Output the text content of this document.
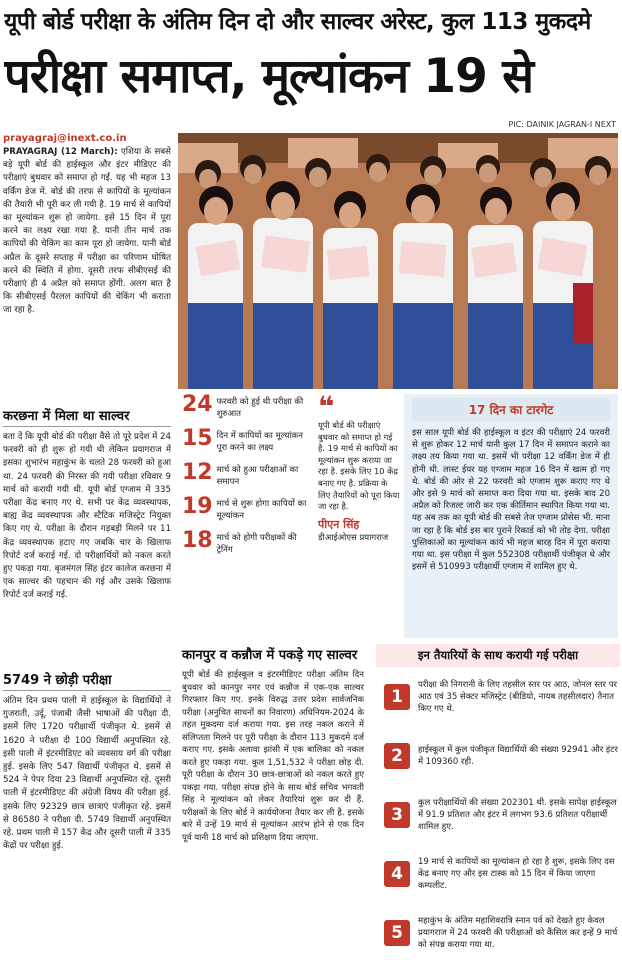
यूपी बोर्ड परीक्षा के अंतिम दिन दो और साल्वर अरेस्ट, कुल 113 मुकदमे
परीक्षा समाप्त, मूल्यांकन 19 से
PIC: DAINIK JAGRAN-I NEXT
prayagraj@inext.co.in

PRAYAGRAJ (12 March): एशिया के सबसे बड़े यूपी बोर्ड की हाईस्कूल और इंटर मीडिएट की परीक्षाएं बुधवार को समाप्त हो गईं. यह भी महज 13 वर्किंग डेज में. बोर्ड की तरफ से कापियों के मूल्यांकन की तैयारी भी पूरी कर ली गयी है. 19 मार्च से कापियों का मूल्यांकन शुरू हो जायेगा. इसे 15 दिन में पूरा करने का लक्ष्य रखा गया है. यानी तीन मार्च तक कापियों की चेकिंग का काम पूरा हो जायेगा. यानी बोर्ड अप्रैल के दूसरे सप्ताह में परीक्षा का परिणाम घोषित करने की स्थिति में होगा. दूसरी तरफ सीबीएसई की परीक्षाएं ही 4 अप्रैल को समाप्त होंगी. अलग बात है कि सीबीएसई पैरलल कापियों की चेकिंग भी कराता जा रहा है.

करछना में मिला था साल्वर

बता दें कि यूपी बोर्ड की परीक्षा वैसे तो पूरे प्रदेश में 24 फरवरी को ही शुरू हो गयी थी लेकिन प्रयागराज में इसका शुभारंभ महाकुंभ के चलते 28 फरवरी को हुआ था. 24 फरवरी की निरस्त की गयी परीक्षा रविवार 9 मार्च को करायी गयी थी. यूपी बोर्ड एग्जाम में 335 परीक्षा केंद्र बनाए गए थे. सभी पर केंद्र व्यवस्थापक, बाह्य केंद्र व्यवस्थापक और स्टैटिक मजिस्ट्रेट नियुक्त किए गए थे. परीक्षा के दौरान गड़बड़ी मिलने पर 11 केंद्र व्यवस्थापक हटाए गए जबकि चार के खिलाफ रिपोर्ट दर्ज कराई गई. दो परीक्षार्थियों को नकल करते हुए पकड़ा गया. बृजमंगल सिंह इंटर कालेज करछना में एक साल्वर की पहचान की गई और उसके खिलाफ रिपोर्ट दर्ज कराई गई.

5749 ने छोड़ी परीक्षा

अंतिम दिन प्रथम पाली में हाईस्कूल के विद्यार्थियों ने गुजराती, उर्दू, पंजाबी जैसी भाषाओं की परीक्षा दी. इसमें लिए 1720 परीक्षार्थी पंजीकृत थे. इसमें से 1620 ने परीक्षा दी 100 विद्यार्थी अनुपस्थित रहे. इसी पाली में इंटरमीडिएट को व्यवसाय वर्ग की परीक्षा हुई. इसके लिए 547 विद्यार्थी पंजीकृत थे. इसमें से 524 ने पेपर दिया 23 विद्यार्थी अनुपस्थित रहे. दूसरी पाली में इंटरमीडिएट की अंग्रेजी विषय की परीक्षा हुई. इसके लिए 92329 छात्र छात्राएं पंजीकृत रहे. इसमें से 86580 ने परीक्षा दी. 5749 विद्यार्थी अनुपस्थित रहे. प्रथम पाली में 157 केंद्र और दूसरी पाली में 335 केंद्रों पर परीक्षा हुई.

24 फरवरी को हुई थी परीक्षा की शुरुआत
15 दिन में कापियों का मूल्यांकन पूरा करने का लक्ष्य
12 मार्च को हुआ परीक्षाओं का समापन
19 मार्च से शुरू होगा कापियों का मूल्यांकन
18 मार्च को होगी परीक्षकों की ट्रेनिंग
❝
यूपी बोर्ड की परीक्षाएं बुधवार को समाप्त हो गई है. 19 मार्च से कापियों का मूल्यांकन शुरू कराया जा रहा है. इसके लिए 10 केंद्र बनाए गए है. प्रक्रिया के लिए तैयारियों को पूरा किया जा रहा है.
पीएन सिंह
डीआईओएस प्रयागराज
17 दिन का टारगेट

इस साल यूपी बोर्ड की हाईस्कूल व इंटर की परीक्षाएं 24 फरवरी से शुरू होकर 12 मार्च यानी कुल 17 दिन में समापन कराने का लक्ष्य तय किया गया था. इसमें भी परीक्षा 12 वर्किंग डेज में ही होनी थी. लास्ट ईयर यह एग्जाम महज 16 दिन में खत्म हो गए थे. बोर्ड की ओर से 22 फरवरी को एग्जाम शुरू कराए गए थे और इसे 9 मार्च को समाप्त करा दिया गया था. इसके बाद 20 अप्रैल को रिजल्ट जारी कर एक कीर्तिमान स्थापित किया गया था. यह अब तक का यूपी बोर्ड की सबसे तेज एग्जाम प्रोसेस भी. माना जा रहा है कि बोर्ड इस बार पुराने रिकार्ड को भी तोड़ देगा. परीक्षा पुस्तिकाओं का मूल्यांकन कार्य भी महज बारह दिन में पूरा कराया गया था. इस परीक्षा में कुल 552308 परीक्षार्थी पंजीकृत थे और इसमें से 510993 परीक्षार्थी एग्जाम में शामिल हुए थे.

कानपुर व कन्नौज में पकड़े गए साल्वर

यूपी बोर्ड की हाईस्कूल व इंटरमीडिएट परीक्षा अंतिम दिन बुधवार को कानपुर नगर एवं कन्नौज में एक-एक साल्वर गिरफ्तार किए गए. इनके विरुद्ध उत्तर प्रदेश सार्वजनिक परीक्षा (अनुचित साधनों का निवारण) अधिनियम-2024 के तहत मुकदमा दर्ज कराया गया. इस तरह नकल कराने में संलिप्तता मिलने पर पूरी परीक्षा के दौरान 113 मुकदमे दर्ज कराए गए. इसके अलावा झांसी में एक बालिका को नकल करते हुए पकड़ा गया. कुल 1,51,532 ने परीक्षा छोड़ दी. पूरी परीक्षा के दौरान 30 छात्र-छात्राओं को नकल करते हुए पकड़ा गया. परीक्षा संपन्न होने के साथ बोर्ड सचिव भगवती सिंह ने मूल्यांकन को लेकर तैयारियां शुरू कर दी हैं. परीक्षकों के लिए बोर्ड ने कार्ययोजना तैयार कर ली है. इसके बारे में उन्हें 19 मार्च से मूल्यांकन आरंभ होने से एक दिन पूर्व यानी 18 मार्च को प्रशिक्षण दिया जाएगा.

इन तैयारियों के साथ करायी गई परीक्षा
1
परीक्षा की निगरानी के लिए तहसील स्तर पर आठ, जोनल स्तर पर आठ एवं 35 सेक्टर मजिस्ट्रेट (बीडियो, नायब तहसीलदार) तैनात किए गए थे.
2	हाईस्कूल में कुल पंजीकृत विद्यार्थियों की संख्या 92941 और इंटर में 109360 रही.
3
कुल परीक्षार्थियों की संख्या 202301 थी. इसके सापेक्ष हाईस्कूल में 91.9 प्रतिशत और इंटर में लगभग 93.6 प्रतिशत परीक्षार्थी शामिल हुए.
4
19 मार्च से कापियों का मूल्यांकन हो रहा है शुरू, इसके लिए दस केंद्र बनाए गए और इस टास्क को 15 दिन में किया जाएगा कम्पलीट.
5
महाकुंभ के अंतिम महाशिवरात्रि स्नान पर्व को देखते हुए केवल प्रयागराज में 24 फरवरी की परीक्षाओं को कैंसिल कर इन्हें 9 मार्च को संपन्न कराया गया था.
